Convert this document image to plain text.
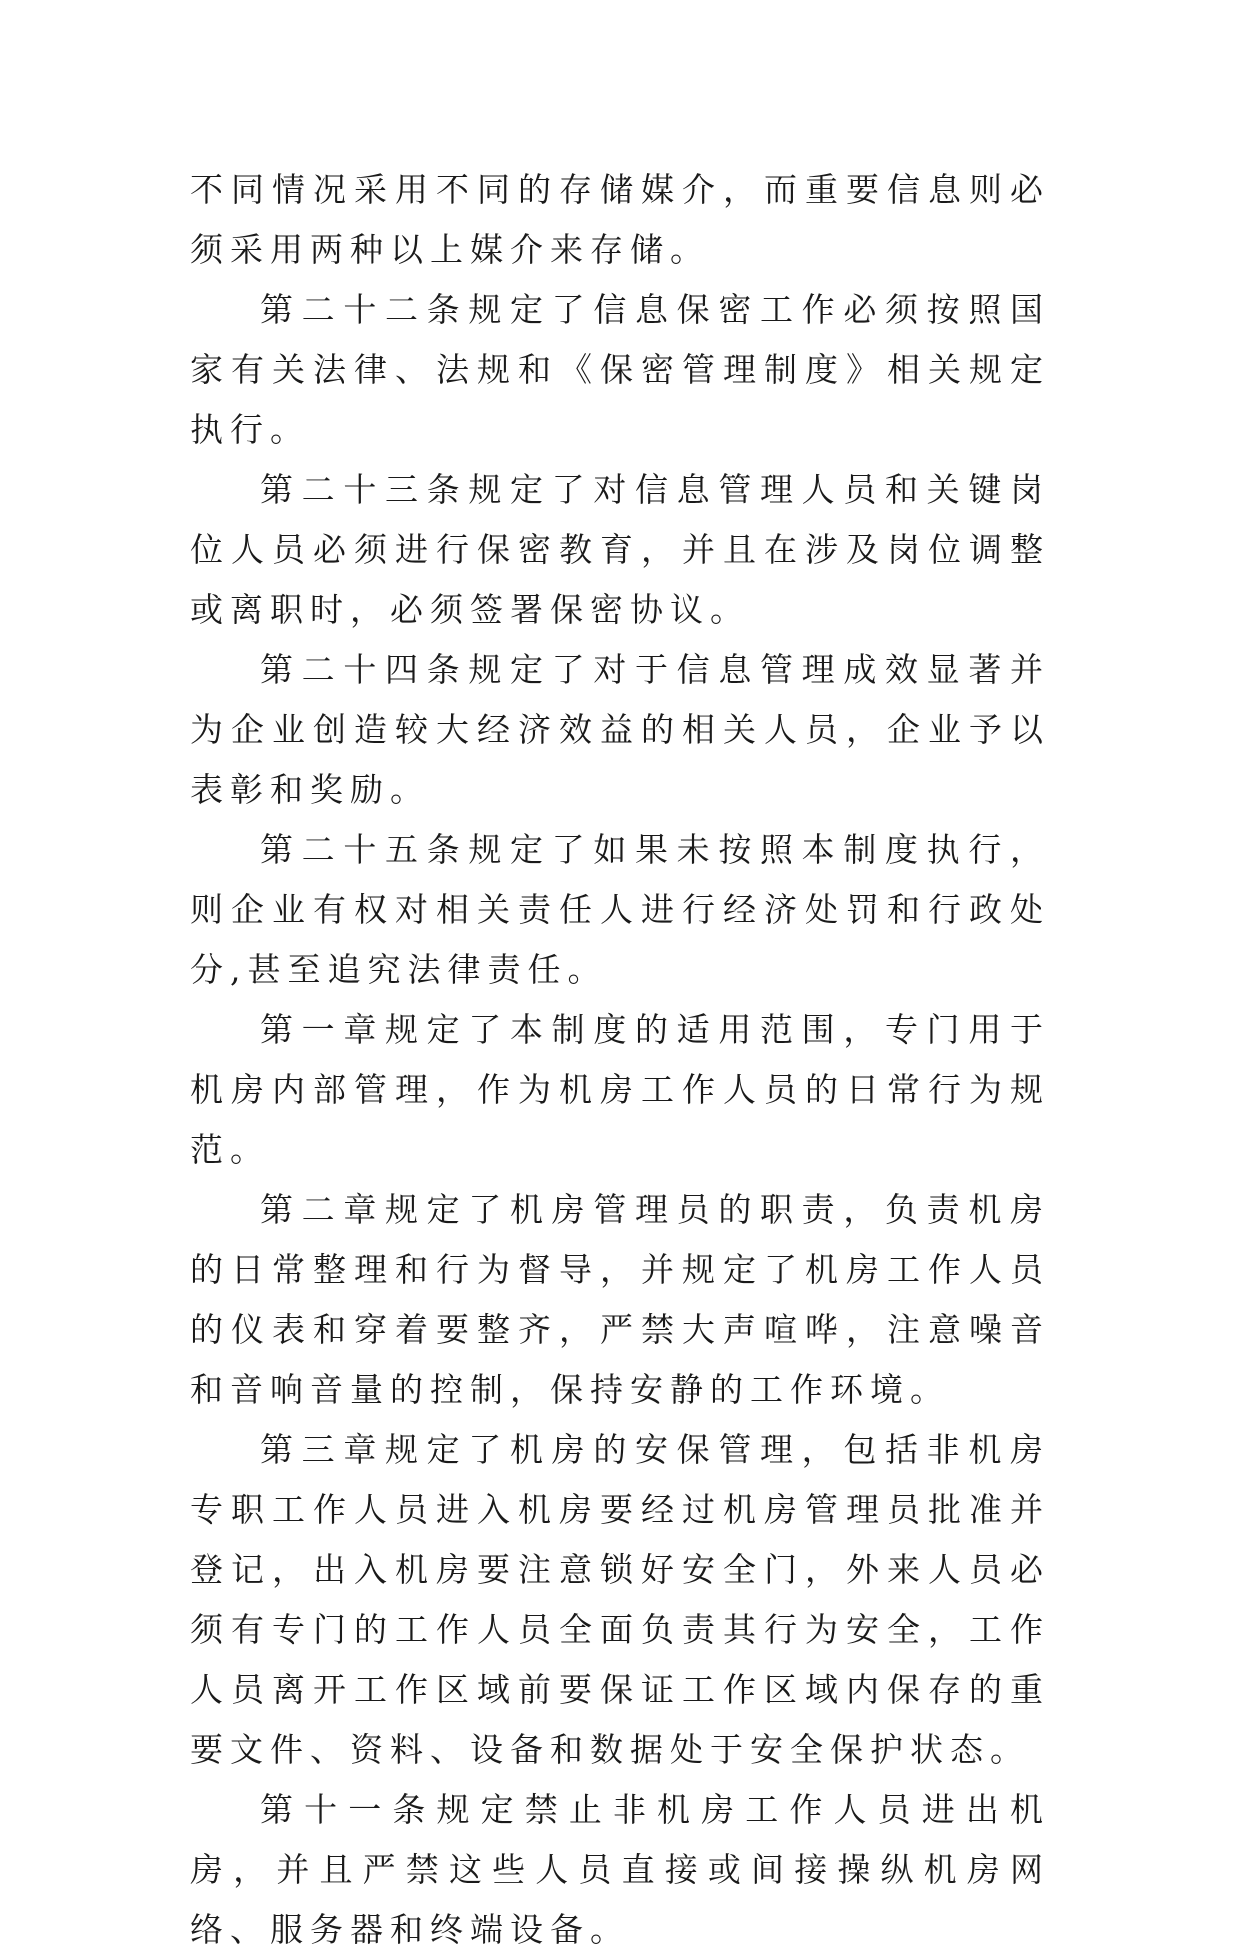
不同情况采用不同的存储媒介，而重要信息则必须采用两种以上媒介来存储。

第二十二条规定了信息保密工作必须按照国家有关法律、法规和《保密管理制度》相关规定执行。

第二十三条规定了对信息管理人员和关键岗位人员必须进行保密教育，并且在涉及岗位调整或离职时，必须签署保密协议。

第二十四条规定了对于信息管理成效显著并为企业创造较大经济效益的相关人员，企业予以表彰和奖励。

第二十五条规定了如果未按照本制度执行，则企业有权对相关责任人进行经济处罚和行政处分,甚至追究法律责任。

第一章规定了本制度的适用范围，专门用于机房内部管理，作为机房工作人员的日常行为规范。

第二章规定了机房管理员的职责，负责机房的日常整理和行为督导，并规定了机房工作人员的仪表和穿着要整齐，严禁大声喧哗，注意噪音和音响音量的控制，保持安静的工作环境。

第三章规定了机房的安保管理，包括非机房专职工作人员进入机房要经过机房管理员批准并登记，出入机房要注意锁好安全门，外来人员必须有专门的工作人员全面负责其行为安全，工作人员离开工作区域前要保证工作区域内保存的重要文件、资料、设备和数据处于安全保护状态。

第十一条规定禁止非机房工作人员进出机房，并且严禁这些人员直接或间接操纵机房网络、服务器和终端设备。
